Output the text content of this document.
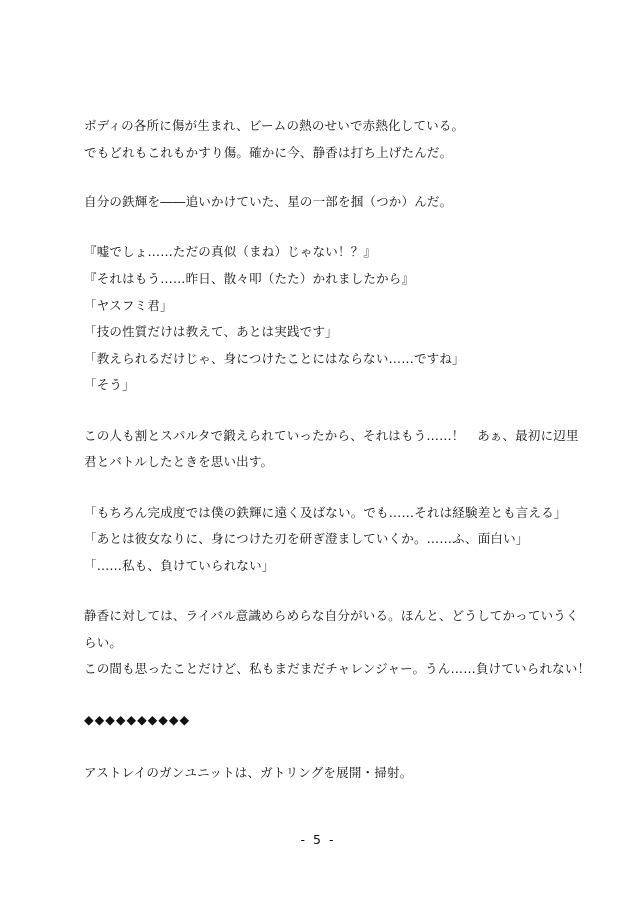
ボディの各所に傷が生まれ、ビームの熱のせいで赤熱化している。
でもどれもこれもかすり傷。確かに今、静香は打ち上げたんだ。
自分の鉄輝を――追いかけていた、星の一部を掴（つか）んだ。
『嘘でしょ……ただの真似（まね）じゃない！？』
『それはもう……昨日、散々叩（たた）かれましたから』
「ヤスフミ君」
「技の性質だけは教えて、あとは実践です」
「教えられるだけじゃ、身につけたことにはならない……ですね」
「そう」
この人も割とスパルタで鍛えられていったから、それはもう……！　あぁ、最初に辺里
君とバトルしたときを思い出す。
「もちろん完成度では僕の鉄輝に遠く及ばない。でも……それは経験差とも言える」
「あとは彼女なりに、身につけた刃を研ぎ澄ましていくか。……ふ、面白い」
「……私も、負けていられない」
静香に対しては、ライバル意識めらめらな自分がいる。ほんと、どうしてかっていうく
らい。
この間も思ったことだけど、私もまだまだチャレンジャー。うん……負けていられない！
◆◆◆◆◆◆◆◆◆◆
アストレイのガンユニットは、ガトリングを展開・掃射。
- 5 -
